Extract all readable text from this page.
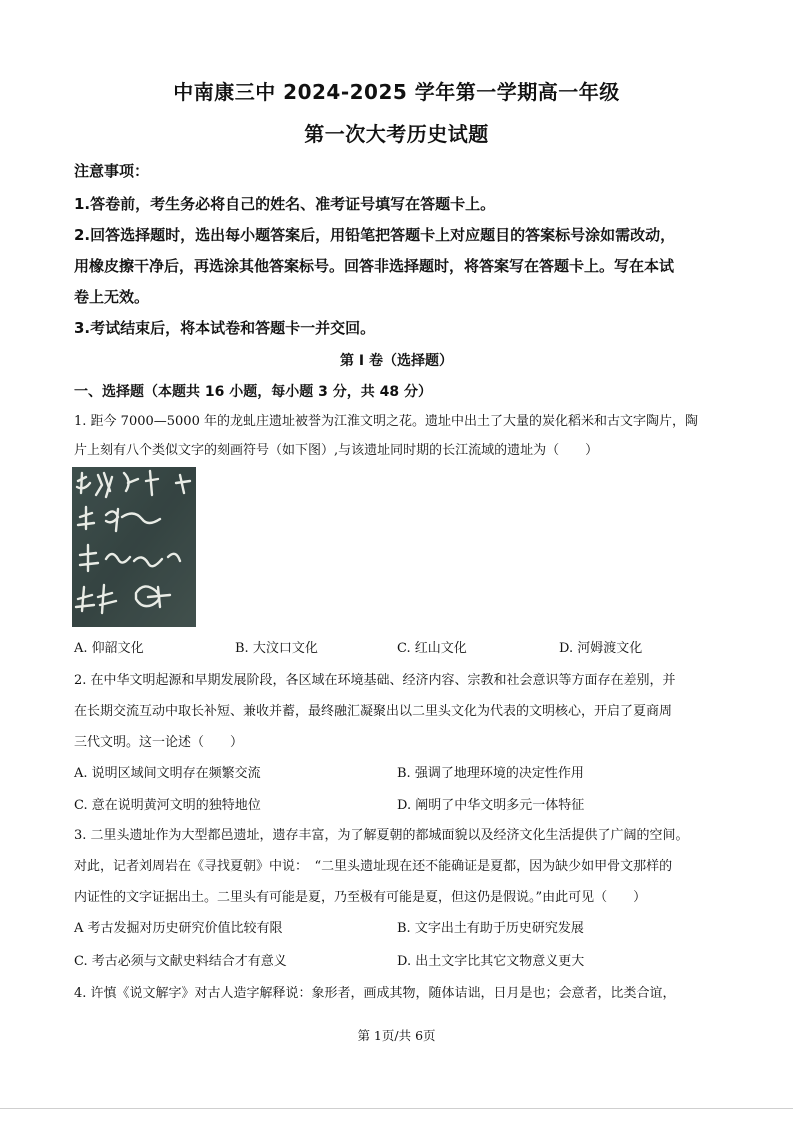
中南康三中 2024-2025 学年第一学期高一年级
第一次大考历史试题
注意事项：
1.答卷前，考生务必将自己的姓名、准考证号填写在答题卡上。
2.回答选择题时，选出每小题答案后，用铅笔把答题卡上对应题目的答案标号涂如需改动，
用橡皮擦干净后，再选涂其他答案标号。回答非选择题时，将答案写在答题卡上。写在本试
卷上无效。
3.考试结束后，将本试卷和答题卡一并交回。
第 I 卷（选择题）
一、选择题（本题共 16 小题，每小题 3 分，共 48 分）
1. 距今 7000—5000 年的龙虬庄遗址被誉为江淮文明之花。遗址中出土了大量的炭化稻米和古文字陶片，陶
片上刻有八个类似文字的刻画符号（如下图）,与该遗址同时期的长江流域的遗址为（　　）
A. 仰韶文化	B. 大汶口文化	C. 红山文化	D. 河姆渡文化
2. 在中华文明起源和早期发展阶段，各区域在环境基础、经济内容、宗教和社会意识等方面存在差别，并
在长期交流互动中取长补短、兼收并蓄，最终融汇凝聚出以二里头文化为代表的文明核心，开启了夏商周
三代文明。这一论述（　　）
A. 说明区域间文明存在频繁交流	B. 强调了地理环境的决定性作用
C. 意在说明黄河文明的独特地位	D. 阐明了中华文明多元一体特征
3. 二里头遗址作为大型都邑遗址，遗存丰富，为了解夏朝的都城面貌以及经济文化生活提供了广阔的空间。
对此，记者刘周岩在《寻找夏朝》中说：　“二里头遗址现在还不能确证是夏都，因为缺少如甲骨文那样的
内证性的文字证据出土。二里头有可能是夏，乃至极有可能是夏，但这仍是假说。”由此可见（　　）
A 考古发掘对历史研究价值比较有限	B. 文字出土有助于历史研究发展
C. 考古必须与文献史料结合才有意义	D. 出土文字比其它文物意义更大
4. 许慎《说文解字》对古人造字解释说：象形者，画成其物，随体诘诎，日月是也；会意者，比类合谊，
第 1页/共 6页
